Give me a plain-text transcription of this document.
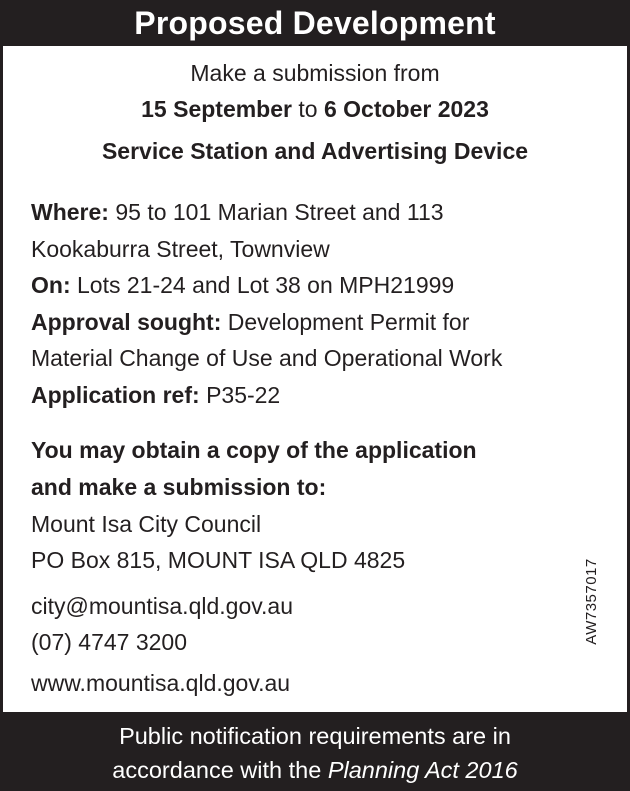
Proposed Development
Make a submission from
15 September to 6 October 2023
Service Station and Advertising Device
Where: 95 to 101 Marian Street and 113
Kookaburra Street, Townview
On: Lots 21-24 and Lot 38 on MPH21999
Approval sought: Development Permit for
Material Change of Use and Operational Work
Application ref: P35-22
You may obtain a copy of the application
and make a submission to:
Mount Isa City Council
PO Box 815, MOUNT ISA QLD 4825
city@mountisa.qld.gov.au
(07) 4747 3200
www.mountisa.qld.gov.au
AW7357017
Public notification requirements are in
accordance with the Planning Act 2016
